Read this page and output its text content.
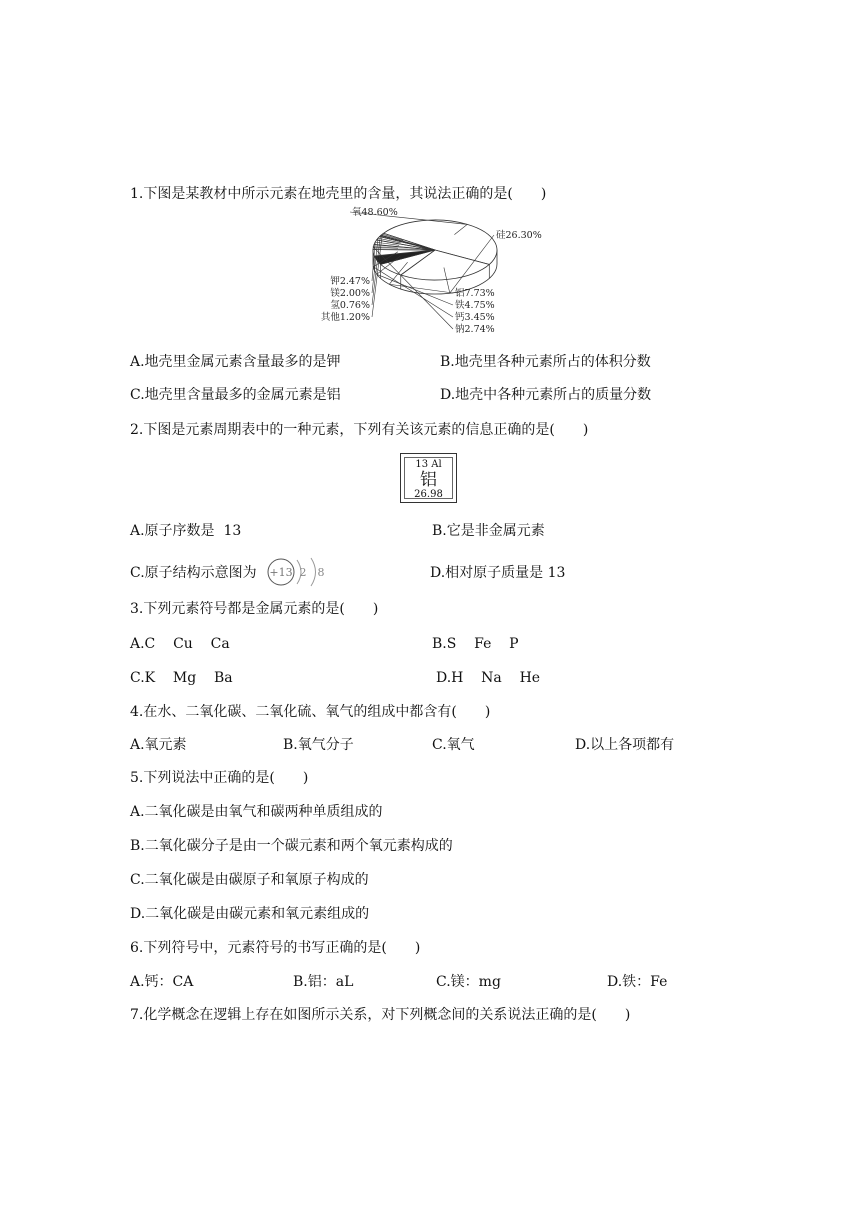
1.下图是某教材中所示元素在地壳里的含量，其说法正确的是(　　)
氧48.60%
硅26.30%
铝7.73%
铁4.75%
钙3.45%
钠2.74%
钾2.47%
镁2.00%
氢0.76%
其他1.20%
A.地壳里金属元素含量最多的是钾	B.地壳里各种元素所占的体积分数
C.地壳里含量最多的金属元素是铝	D.地壳中各种元素所占的质量分数
2.下图是元素周期表中的一种元素，下列有关该元素的信息正确的是(　　)
13 Al
铝
26.98
A.原子序数是  13	B.它是非金属元素
C.原子结构示意图为 +13 2 8	D.相对原子质量是 13
3.下列元素符号都是金属元素的是(　　)
A.C    Cu    Ca	B.S    Fe    P
C.K    Mg    Ba	D.H    Na    He
4.在水、二氧化碳、二氧化硫、氧气的组成中都含有(　　)
A.氧元素	B.氧气分子	C.氧气	D.以上各项都有
5.下列说法中正确的是(　　)
A.二氧化碳是由氧气和碳两种单质组成的
B.二氧化碳分子是由一个碳元素和两个氧元素构成的
C.二氧化碳是由碳原子和氧原子构成的
D.二氧化碳是由碳元素和氧元素组成的
6.下列符号中，元素符号的书写正确的是(　　)
A.钙：CA	B.铝：aL	C.镁：mg	D.铁：Fe
7.化学概念在逻辑上存在如图所示关系，对下列概念间的关系说法正确的是(　　)
